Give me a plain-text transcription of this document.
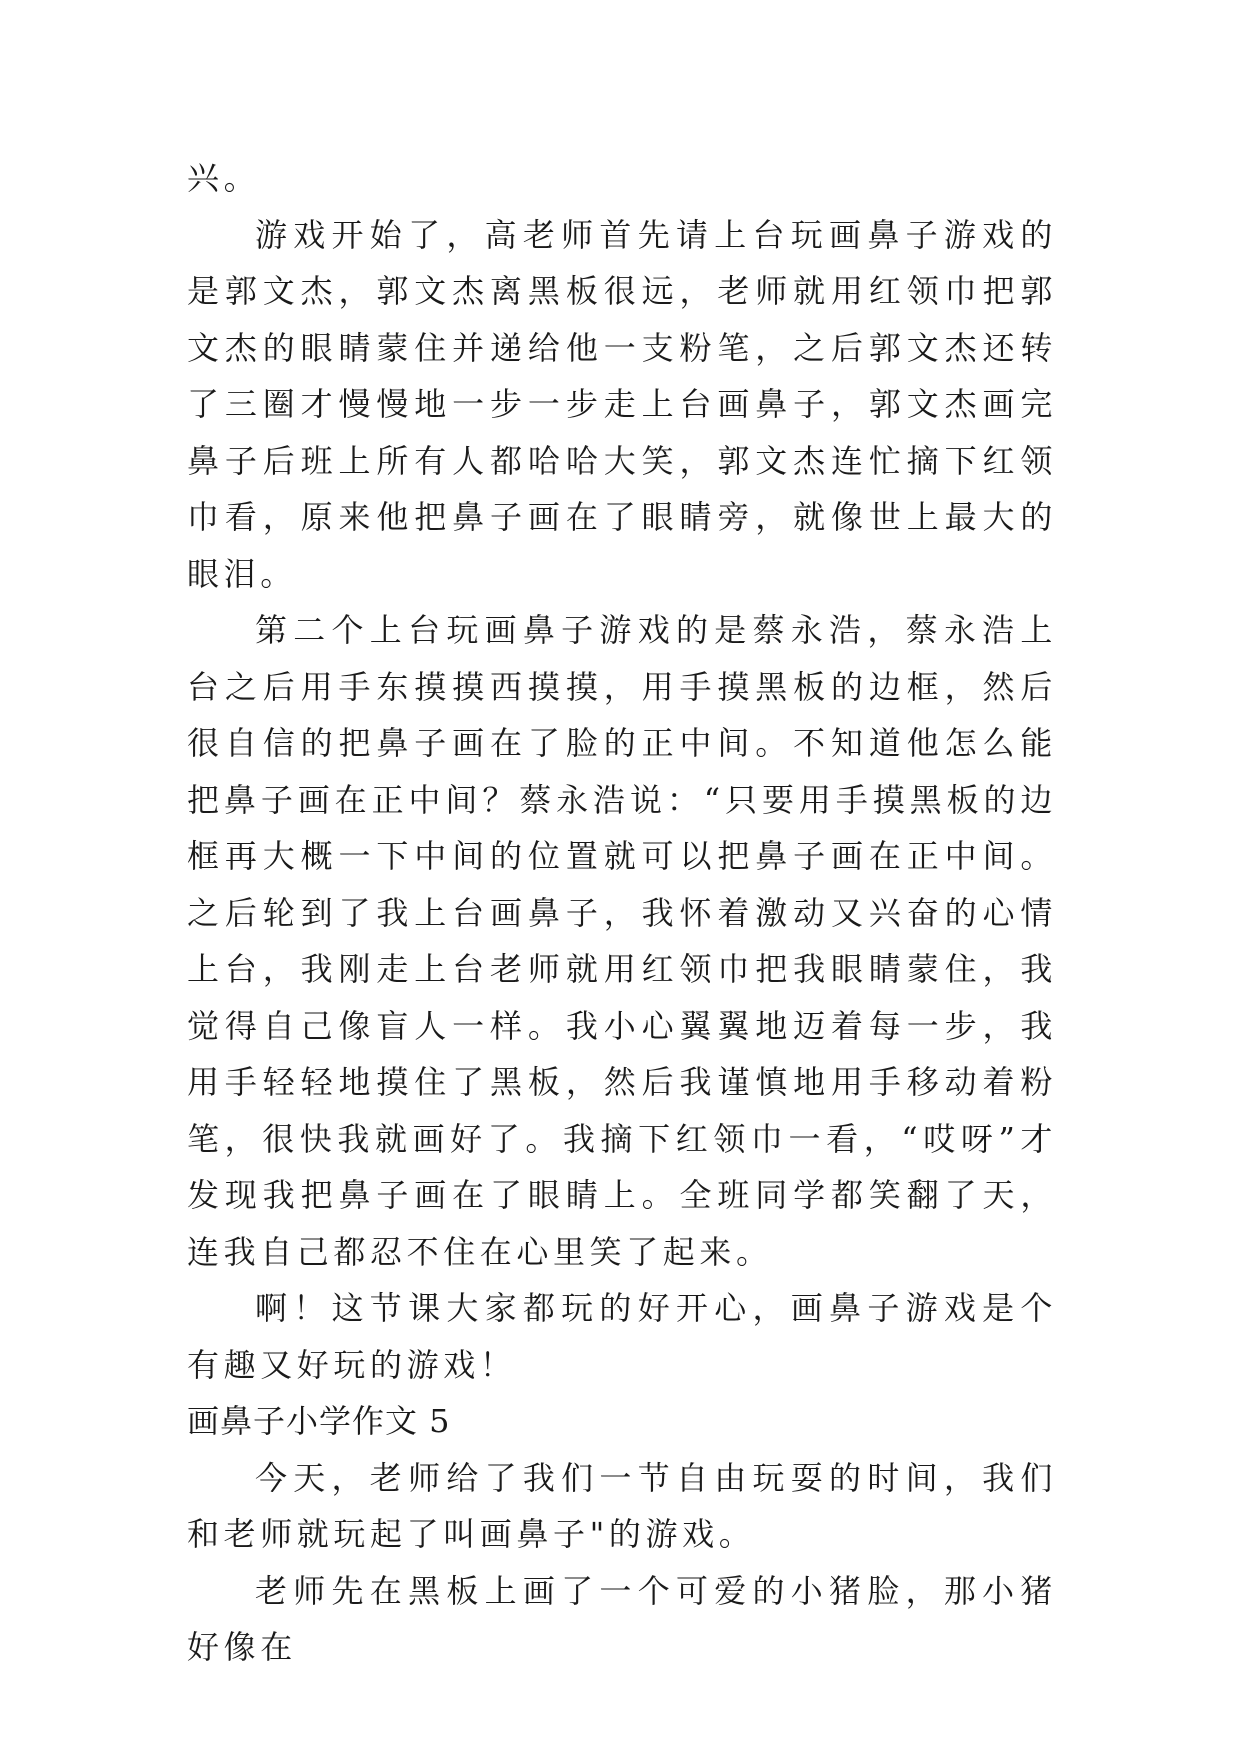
兴。

游戏开始了，高老师首先请上台玩画鼻子游戏的是郭文杰，郭文杰离黑板很远，老师就用红领巾把郭文杰的眼睛蒙住并递给他一支粉笔，之后郭文杰还转了三圈才慢慢地一步一步走上台画鼻子，郭文杰画完鼻子后班上所有人都哈哈大笑，郭文杰连忙摘下红领巾看，原来他把鼻子画在了眼睛旁，就像世上最大的眼泪。

第二个上台玩画鼻子游戏的是蔡永浩，蔡永浩上台之后用手东摸摸西摸摸，用手摸黑板的边框，然后很自信的把鼻子画在了脸的正中间。不知道他怎么能把鼻子画在正中间？蔡永浩说：“只要用手摸黑板的边框再大概一下中间的位置就可以把鼻子画在正中间。之后轮到了我上台画鼻子，我怀着激动又兴奋的心情上台，我刚走上台老师就用红领巾把我眼睛蒙住，我觉得自己像盲人一样。我小心翼翼地迈着每一步，我用手轻轻地摸住了黑板，然后我谨慎地用手移动着粉笔，很快我就画好了。我摘下红领巾一看，“哎呀”才发现我把鼻子画在了眼睛上。全班同学都笑翻了天，连我自己都忍不住在心里笑了起来。

啊！这节课大家都玩的好开心，画鼻子游戏是个有趣又好玩的游戏！

画鼻子小学作文 5

今天，老师给了我们一节自由玩耍的时间，我们和老师就玩起了叫画鼻子"的游戏。

老师先在黑板上画了一个可爱的小猪脸，那小猪好像在
